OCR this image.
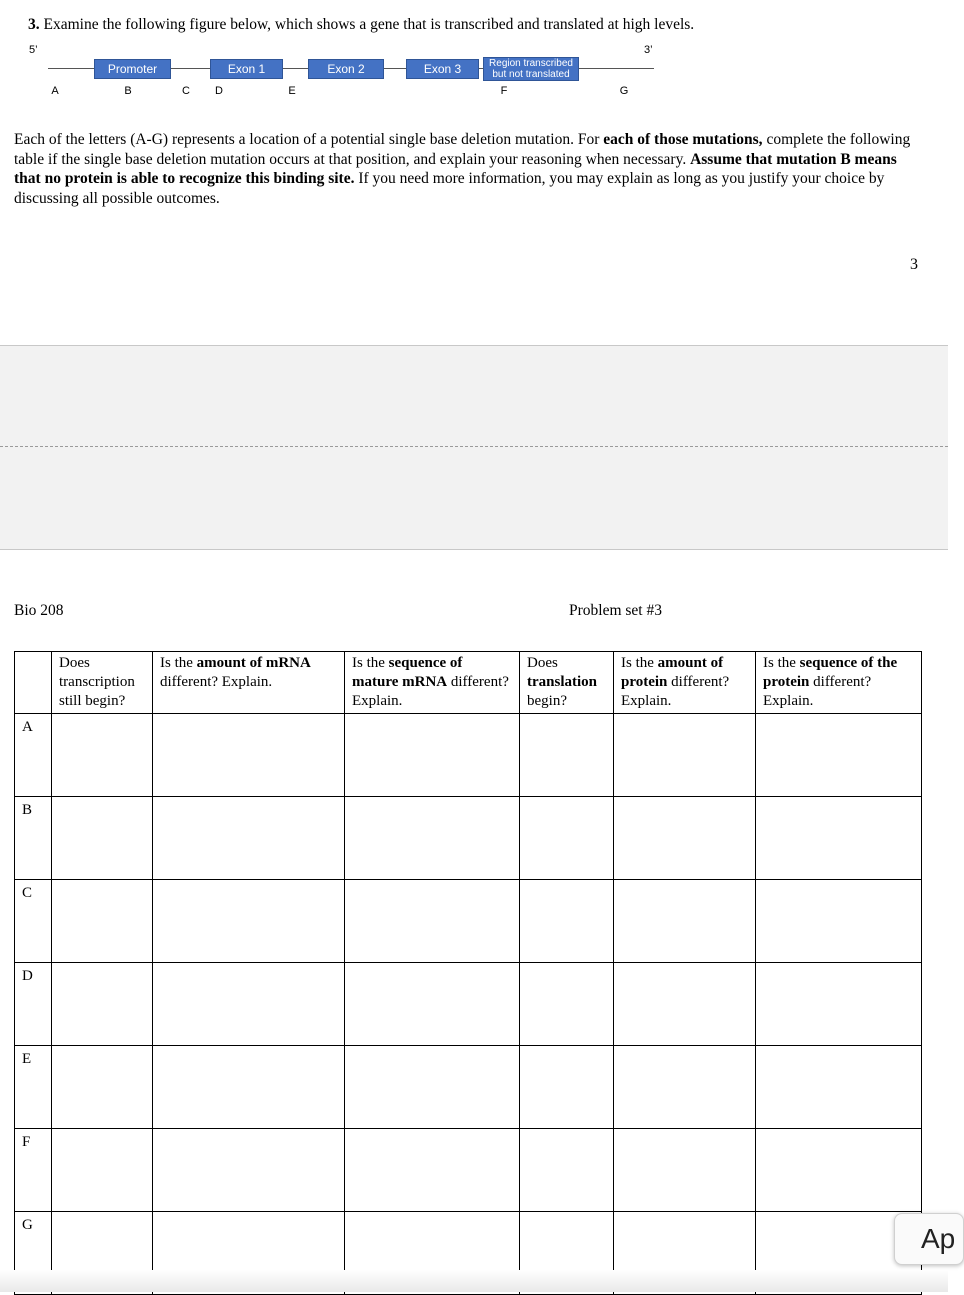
3. Examine the following figure below, which shows a gene that is transcribed and translated at high levels.
5’	3’
Promoter	Exon 1	Exon 2	Exon 3	Region transcribed
but not translated
A	B	C D	E	F	G
Each of the letters (A-G) represents a location of a potential single base deletion mutation. For each of those mutations, complete the following table if the single base deletion mutation occurs at that position, and explain your reasoning when necessary. Assume that mutation B means that no protein is able to recognize this binding site. If you need more information, you may explain as long as you justify your choice by discussing all possible outcomes.
3
Bio 208	Problem set #3
	Does transcription still begin?	Is the amount of mRNA different? Explain.	Is the sequence of mature mRNA different? Explain.	Does translation begin?	Is the amount of protein different? Explain.	Is the sequence of the protein different? Explain.
A						
B						
C						
D						
E						
F						
G							Ap
